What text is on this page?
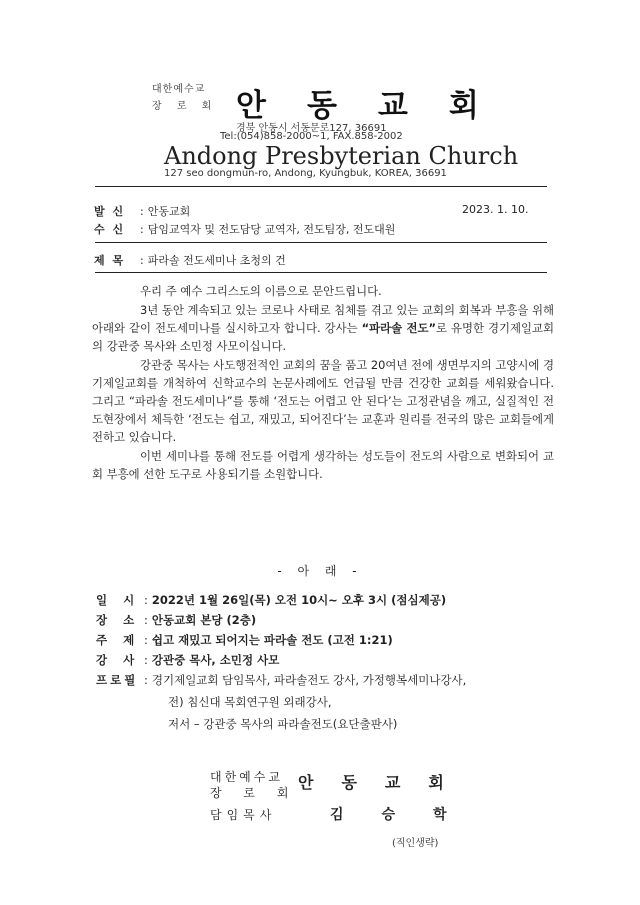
대한예수교
장 로 회 안동교회
경북 안동시 서동문로127, 36691
Tel:(054)858-2000~1, FAX.858-2002
Andong Presbyterian Church
127 seo dongmun-ro, Andong, Kyungbuk, KOREA, 36691
발 신 : 안동교회	2023. 1. 10.
수 신 : 담임교역자 및 전도담당 교역자, 전도팀장, 전도대원
제 목 : 파라솔 전도세미나 초청의 건

우리 주 예수 그리스도의 이름으로 문안드립니다.

3년 동안 계속되고 있는 코로나 사태로 침체를 겪고 있는 교회의 회복과 부흥을 위해 아래와 같이 전도세미나를 실시하고자 합니다. 강사는 “파라솔 전도”로 유명한 경기제일교회의 강관중 목사와 소민정 사모이십니다.

강관중 목사는 사도행전적인 교회의 꿈을 품고 20여년 전에 생면부지의 고양시에 경기제일교회를 개척하여 신학교수의 논문사례에도 언급될 만큼 건강한 교회를 세워왔습니다. 그리고 “파라솔 전도세미나”를 통해 ‘전도는 어렵고 안 된다’는 고정관념을 깨고, 실질적인 전도현장에서 체득한 ‘전도는 쉽고, 재밌고, 되어진다’는 교훈과 원리를 전국의 많은 교회들에게 전하고 있습니다.

이번 세미나를 통해 전도를 어렵게 생각하는 성도들이 전도의 사람으로 변화되어 교회 부흥에 선한 도구로 사용되기를 소원합니다.

- 아 래 -
일 시 : 2022년 1월 26일(목) 오전 10시~ 오후 3시 (점심제공)
장 소 : 안동교회 본당 (2층)
주 제 : 쉽고 재밌고 되어지는 파라솔 전도 (고전 1:21)
강 사 : 강관중 목사, 소민정 사모
프로필 : 경기제일교회 담임목사, 파라솔전도 강사, 가정행복세미나강사,
전) 침신대 목회연구원 외래강사,
저서 – 강관중 목사의 파라솔전도(요단출판사)
대한예수교
장 로 회
안동교회
담임목사	김승학
(직인생략)
